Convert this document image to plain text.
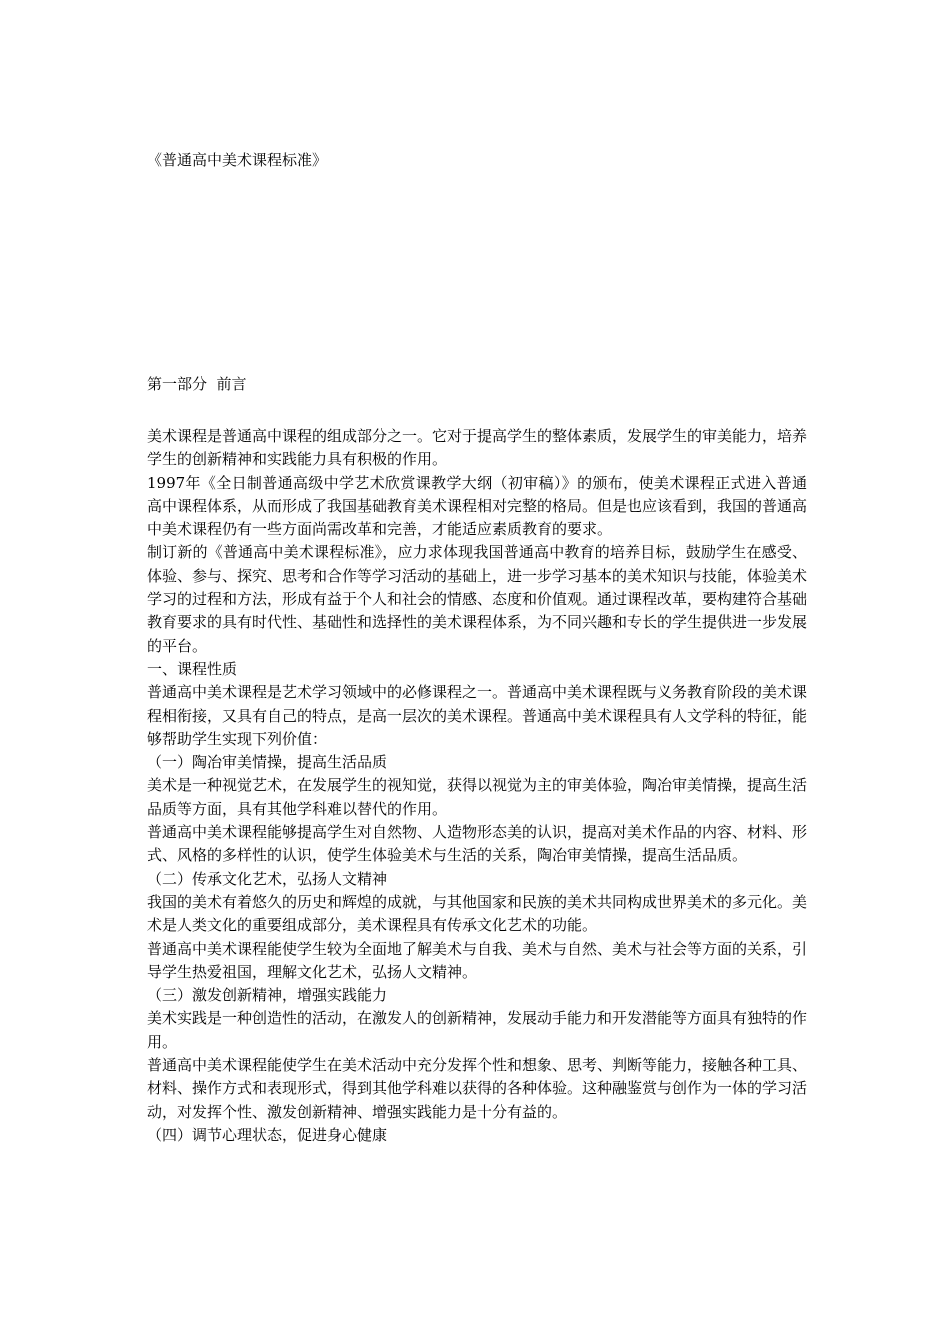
《普通高中美术课程标准》
第一部分  前言

美术课程是普通高中课程的组成部分之一。它对于提高学生的整体素质，发展学生的审美能力，培养学生的创新精神和实践能力具有积极的作用。

1997年《全日制普通高级中学艺术欣赏课教学大纲（初审稿）》的颁布，使美术课程正式进入普通高中课程体系，从而形成了我国基础教育美术课程相对完整的格局。但是也应该看到，我国的普通高中美术课程仍有一些方面尚需改革和完善，才能适应素质教育的要求。

制订新的《普通高中美术课程标准》，应力求体现我国普通高中教育的培养目标，鼓励学生在感受、体验、参与、探究、思考和合作等学习活动的基础上，进一步学习基本的美术知识与技能，体验美术学习的过程和方法，形成有益于个人和社会的情感、态度和价值观。通过课程改革，要构建符合基础教育要求的具有时代性、基础性和选择性的美术课程体系，为不同兴趣和专长的学生提供进一步发展的平台。

一、课程性质

普通高中美术课程是艺术学习领域中的必修课程之一。普通高中美术课程既与义务教育阶段的美术课程相衔接，又具有自己的特点，是高一层次的美术课程。普通高中美术课程具有人文学科的特征，能够帮助学生实现下列价值：

（一）陶冶审美情操，提高生活品质

美术是一种视觉艺术，在发展学生的视知觉，获得以视觉为主的审美体验，陶冶审美情操，提高生活品质等方面，具有其他学科难以替代的作用。

普通高中美术课程能够提高学生对自然物、人造物形态美的认识，提高对美术作品的内容、材料、形式、风格的多样性的认识，使学生体验美术与生活的关系，陶冶审美情操，提高生活品质。

（二）传承文化艺术，弘扬人文精神

我国的美术有着悠久的历史和辉煌的成就，与其他国家和民族的美术共同构成世界美术的多元化。美术是人类文化的重要组成部分，美术课程具有传承文化艺术的功能。

普通高中美术课程能使学生较为全面地了解美术与自我、美术与自然、美术与社会等方面的关系，引导学生热爱祖国，理解文化艺术，弘扬人文精神。

（三）激发创新精神，增强实践能力

美术实践是一种创造性的活动，在激发人的创新精神，发展动手能力和开发潜能等方面具有独特的作用。

普通高中美术课程能使学生在美术活动中充分发挥个性和想象、思考、判断等能力，接触各种工具、材料、操作方式和表现形式，得到其他学科难以获得的各种体验。这种融鉴赏与创作为一体的学习活动，对发挥个性、激发创新精神、增强实践能力是十分有益的。

（四）调节心理状态，促进身心健康
